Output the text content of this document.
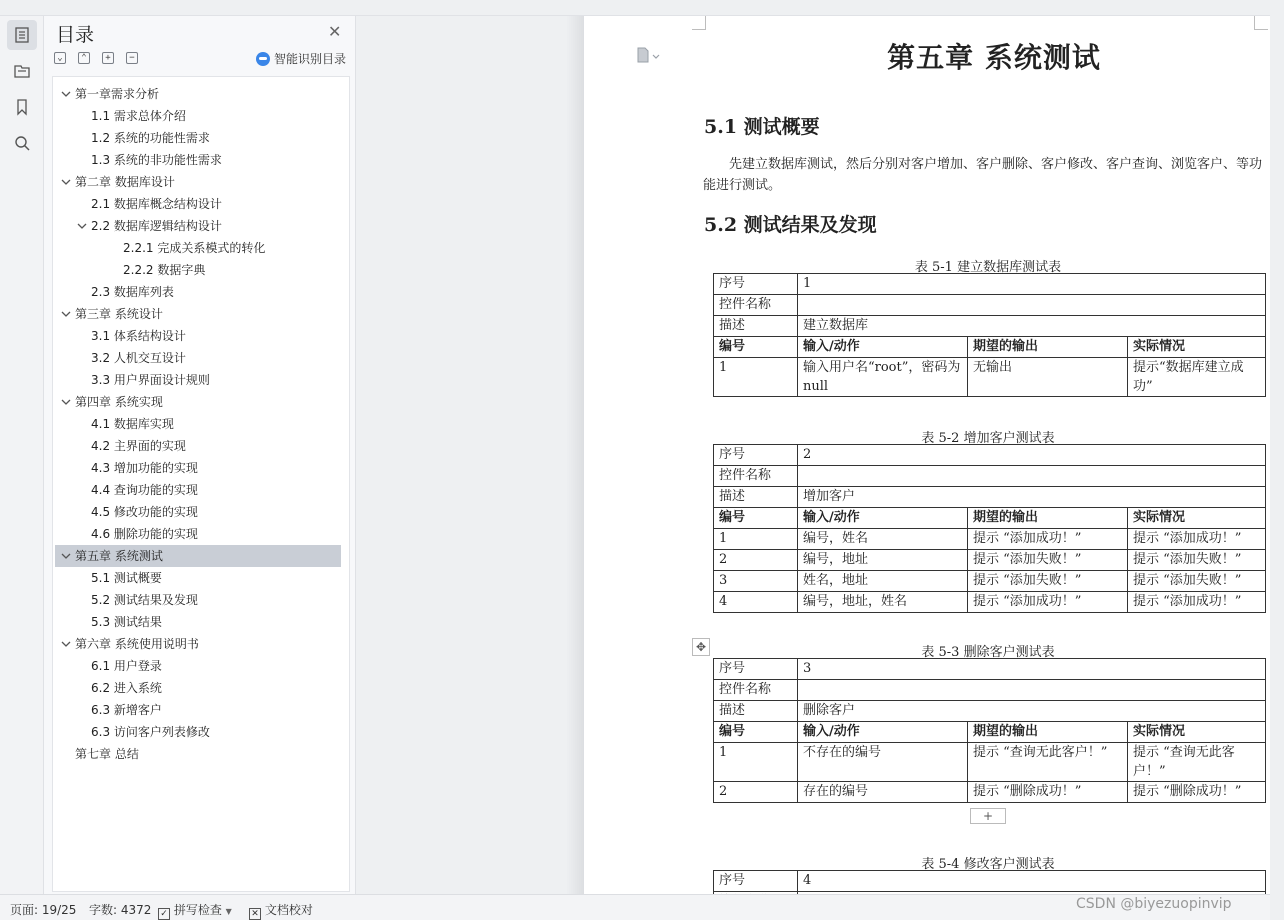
目录	✕
⌄	⌃	+	−	智能识别目录
第一章需求分析
1.1 需求总体介绍
1.2 系统的功能性需求
1.3 系统的非功能性需求
第二章 数据库设计
2.1 数据库概念结构设计
2.2 数据库逻辑结构设计
2.2.1 完成关系模式的转化
2.2.2 数据字典
2.3 数据库列表
第三章 系统设计
3.1 体系结构设计
3.2 人机交互设计
3.3 用户界面设计规则
第四章 系统实现
4.1 数据库实现
4.2 主界面的实现
4.3 增加功能的实现
4.4 查询功能的实现
4.5 修改功能的实现
4.6 删除功能的实现
第五章 系统测试
5.1 测试概要
5.2 测试结果及发现
5.3 测试结果
第六章 系统使用说明书
6.1 用户登录
6.2 进入系统
6.3 新增客户
6.3 访问客户列表修改
第七章 总结
第五章 系统测试
5.1 测试概要
先建立数据库测试，然后分别对客户增加、客户删除、客户修改、客户查询、浏览客户、等功能进行测试。
5.2 测试结果及发现
表 5-1 建立数据库测试表
序号	1		
控件名称			
描述	建立数据库		
编号	输入/动作	期望的输出	实际情况
1	输入用户名“root”，密码为 null	无输出	提示“数据库建立成功”
表 5-2 增加客户测试表
序号	2		
控件名称			
描述	增加客户		
编号	输入/动作	期望的输出	实际情况
1	编号，姓名	提示 “添加成功！”	提示 “添加成功！”
2	编号，地址	提示 “添加失败！”	提示 “添加失败！”
3	姓名，地址	提示 “添加失败！”	提示 “添加失败！”
4	编号，地址，姓名	提示 “添加成功！”	提示 “添加成功！”
表 5-3 删除客户测试表
序号	3		
控件名称			
描述	删除客户		
编号	输入/动作	期望的输出	实际情况
1	不存在的编号	提示 “查询无此客户！”	提示 “查询无此客户！”
2	存在的编号	提示 “删除成功！”	提示 “删除成功！”
表 5-4 修改客户测试表
序号	4

✥
+
页面: 19/25 字数: 4372 ✓ 拼写检查 ▼ ✕ 文档校对	CSDN @biyezuopinvip
